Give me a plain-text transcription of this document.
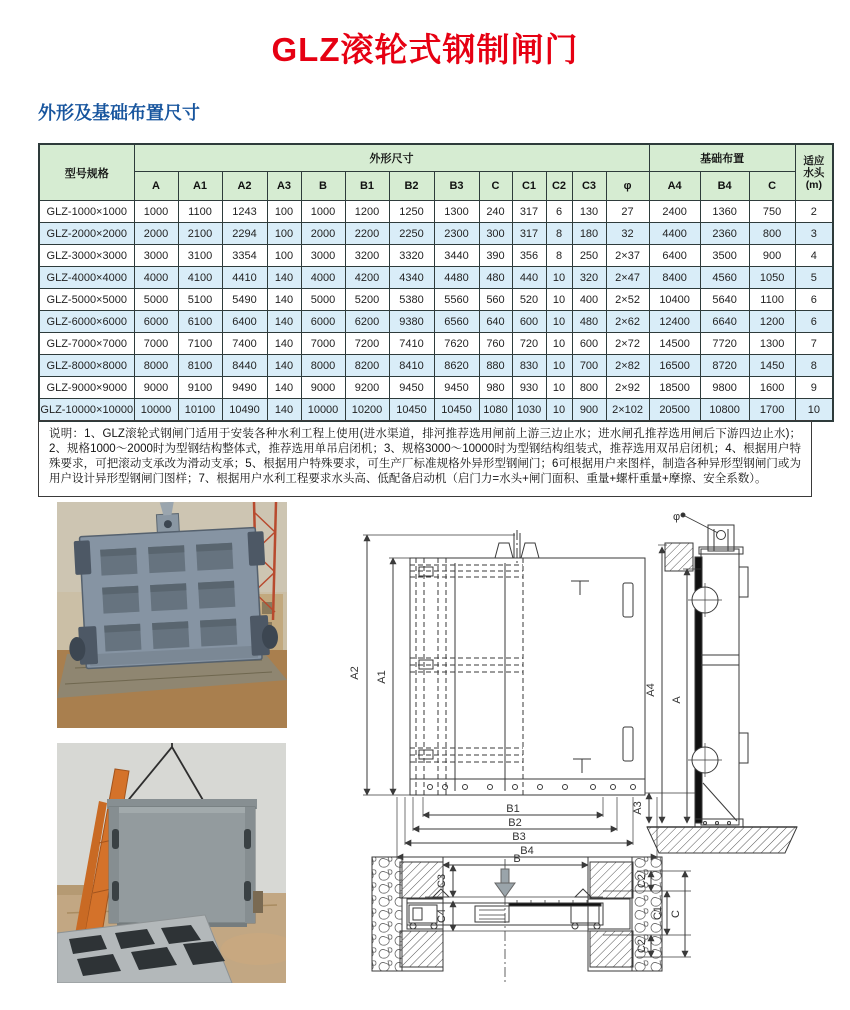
GLZ滚轮式钢制闸门
外形及基础布置尺寸
型号规格	外形尺寸													基础布置			适应
水头
(m)
	A	A1	A2	A3	B	B1	B2	B3	C	C1	C2	C3	φ	A4	B4	C	
GLZ-1000×1000	1000	1100	1243	100	1000	1200	1250	1300	240	317	6	130	27	2400	1360	750	2
GLZ-2000×2000	2000	2100	2294	100	2000	2200	2250	2300	300	317	8	180	32	4400	2360	800	3
GLZ-3000×3000	3000	3100	3354	100	3000	3200	3320	3440	390	356	8	250	2×37	6400	3500	900	4
GLZ-4000×4000	4000	4100	4410	140	4000	4200	4340	4480	480	440	10	320	2×47	8400	4560	1050	5
GLZ-5000×5000	5000	5100	5490	140	5000	5200	5380	5560	560	520	10	400	2×52	10400	5640	1100	6
GLZ-6000×6000	6000	6100	6400	140	6000	6200	9380	6560	640	600	10	480	2×62	12400	6640	1200	6
GLZ-7000×7000	7000	7100	7400	140	7000	7200	7410	7620	760	720	10	600	2×72	14500	7720	1300	7
GLZ-8000×8000	8000	8100	8440	140	8000	8200	8410	8620	880	830	10	700	2×82	16500	8720	1450	8
GLZ-9000×9000	9000	9100	9490	140	9000	9200	9450	9450	980	930	10	800	2×92	18500	9800	1600	9
GLZ-10000×10000	10000	10100	10490	140	10000	10200	10450	10450	1080	1030	10	900	2×102	20500	10800	1700	10
说明：1、GLZ滚轮式钢闸门适用于安装各种水利工程上使用(进水渠道，排河推荐选用闸前上游三边止水；进水闸孔推荐选用闸后下游四边止水)；2、规格1000～2000时为型钢结构整体式，推荐选用单吊启闭机；3、规格3000～10000时为型钢结构组装式，推荐选用双吊启闭机；4、根据用户特殊要求，可把滚动支承改为滑动支承；5、根据用户特殊要求，可生产厂标准规格外异形型钢闸门；6可根据用户来图样，制造各种异形型钢闸门或为用户设计异形型钢闸门图样；7、根据用户水利工程要求水头高、低配备启动机（启门力=水头+闸门面积、重量+螺杆重量+摩擦、安全系数）。
A2 A1
B1
B2
B3
B4
φ
A4
A
A3
B
C3
C4
C2
C1 C
C2
